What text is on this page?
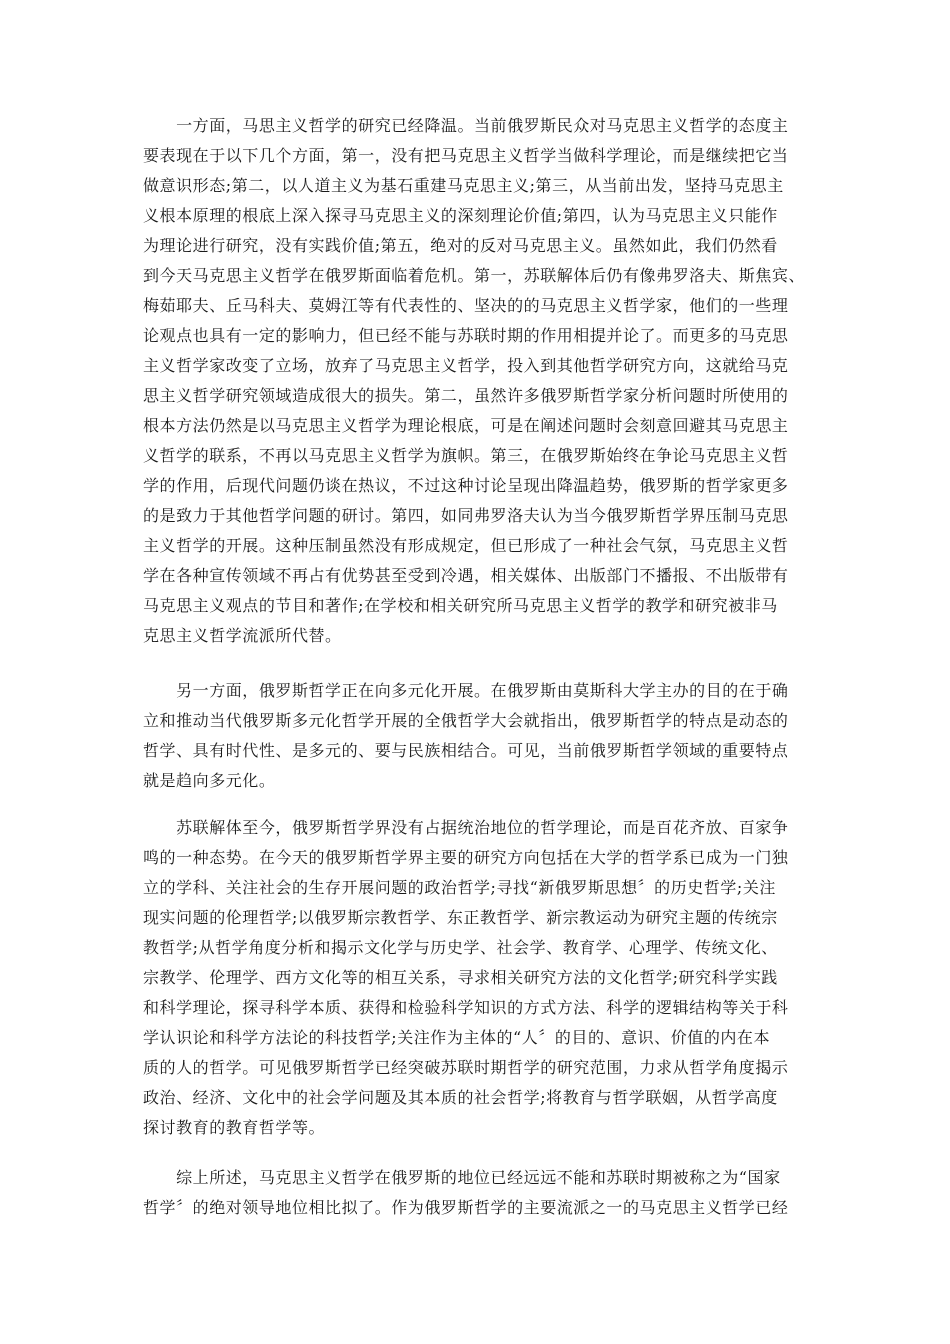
　　一方面，马思主义哲学的研究已经降温。当前俄罗斯民众对马克思主义哲学的态度主
要表现在于以下几个方面，第一，没有把马克思主义哲学当做科学理论，而是继续把它当
做意识形态;第二，以人道主义为基石重建马克思主义;第三，从当前出发，坚持马克思主
义根本原理的根底上深入探寻马克思主义的深刻理论价值;第四，认为马克思主义只能作
为理论进行研究，没有实践价值;第五，绝对的反对马克思主义。虽然如此，我们仍然看
到今天马克思主义哲学在俄罗斯面临着危机。第一，苏联解体后仍有像弗罗洛夫、斯焦宾、
梅茹耶夫、丘马科夫、莫姆江等有代表性的、坚决的的马克思主义哲学家，他们的一些理
论观点也具有一定的影响力，但已经不能与苏联时期的作用相提并论了。而更多的马克思
主义哲学家改变了立场，放弃了马克思主义哲学，投入到其他哲学研究方向，这就给马克
思主义哲学研究领域造成很大的损失。第二，虽然许多俄罗斯哲学家分析问题时所使用的
根本方法仍然是以马克思主义哲学为理论根底，可是在阐述问题时会刻意回避其马克思主
义哲学的联系，不再以马克思主义哲学为旗帜。第三，在俄罗斯始终在争论马克思主义哲
学的作用，后现代问题仍谈在热议，不过这种讨论呈现出降温趋势，俄罗斯的哲学家更多
的是致力于其他哲学问题的研讨。第四，如同弗罗洛夫认为当今俄罗斯哲学界压制马克思
主义哲学的开展。这种压制虽然没有形成规定，但已形成了一种社会气氛，马克思主义哲
学在各种宣传领域不再占有优势甚至受到冷遇，相关媒体、出版部门不播报、不出版带有
马克思主义观点的节目和著作;在学校和相关研究所马克思主义哲学的教学和研究被非马
克思主义哲学流派所代替。
　　另一方面，俄罗斯哲学正在向多元化开展。在俄罗斯由莫斯科大学主办的目的在于确
立和推动当代俄罗斯多元化哲学开展的全俄哲学大会就指出，俄罗斯哲学的特点是动态的
哲学、具有时代性、是多元的、要与民族相结合。可见，当前俄罗斯哲学领域的重要特点
就是趋向多元化。
　　苏联解体至今，俄罗斯哲学界没有占据统治地位的哲学理论，而是百花齐放、百家争
鸣的一种态势。在今天的俄罗斯哲学界主要的研究方向包括在大学的哲学系已成为一门独
立的学科、关注社会的生存开展问题的政治哲学;寻找“新俄罗斯思想〞的历史哲学;关注
现实问题的伦理哲学;以俄罗斯宗教哲学、东正教哲学、新宗教运动为研究主题的传统宗
教哲学;从哲学角度分析和揭示文化学与历史学、社会学、教育学、心理学、传统文化、
宗教学、伦理学、西方文化等的相互关系，寻求相关研究方法的文化哲学;研究科学实践
和科学理论，探寻科学本质、获得和检验科学知识的方式方法、科学的逻辑结构等关于科
学认识论和科学方法论的科技哲学;关注作为主体的“人〞的目的、意识、价值的内在本
质的人的哲学。可见俄罗斯哲学已经突破苏联时期哲学的研究范围，力求从哲学角度揭示
政治、经济、文化中的社会学问题及其本质的社会哲学;将教育与哲学联姻，从哲学高度
探讨教育的教育哲学等。
　　综上所述，马克思主义哲学在俄罗斯的地位已经远远不能和苏联时期被称之为“国家
哲学〞的绝对领导地位相比拟了。作为俄罗斯哲学的主要流派之一的马克思主义哲学已经
